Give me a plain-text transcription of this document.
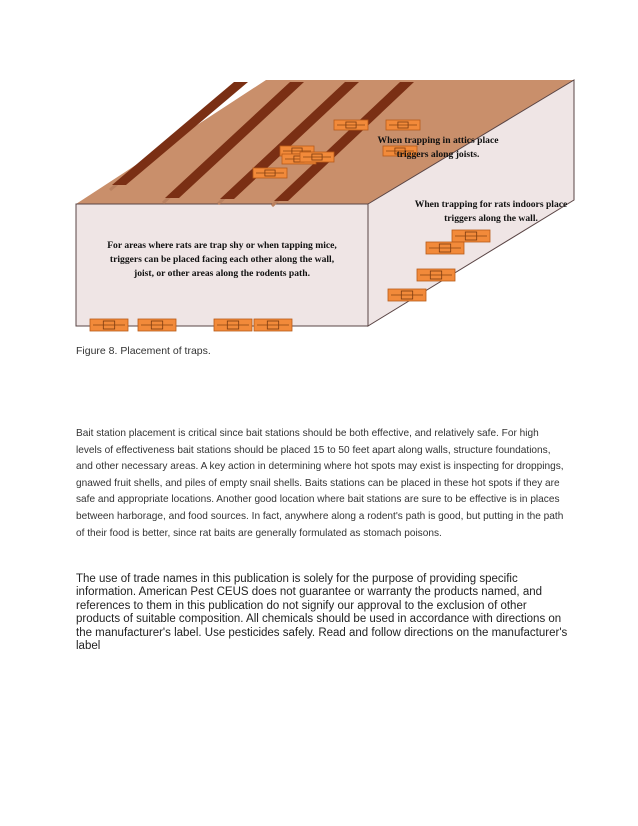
When trapping in attics place triggers along joists.

When trapping for rats indoors place triggers along the wall.

For areas where rats are trap shy or when tapping mice, triggers can be placed facing each other along the wall, joist, or other areas along the rodents path.

Figure 8. Placement of traps.

Bait station placement is critical since bait stations should be both effective, and relatively safe. For high levels of effectiveness bait stations should be placed 15 to 50 feet apart along walls, structure foundations, and other necessary areas. A key action in determining where hot spots may exist is inspecting for droppings, gnawed fruit shells, and piles of empty snail shells. Baits stations can be placed in these hot spots if they are safe and appropriate locations. Another good location where bait stations are sure to be effective is in places between harborage, and food sources. In fact, anywhere along a rodent's path is good, but putting in the path of their food is better, since rat baits are generally formulated as stomach poisons.

The use of trade names in this publication is solely for the purpose of providing specific information. American Pest CEUS does not guarantee or warranty the products named, and references to them in this publication do not signify our approval to the exclusion of other products of suitable composition. All chemicals should be used in accordance with directions on the manufacturer's label. Use pesticides safely. Read and follow directions on the manufacturer's label
